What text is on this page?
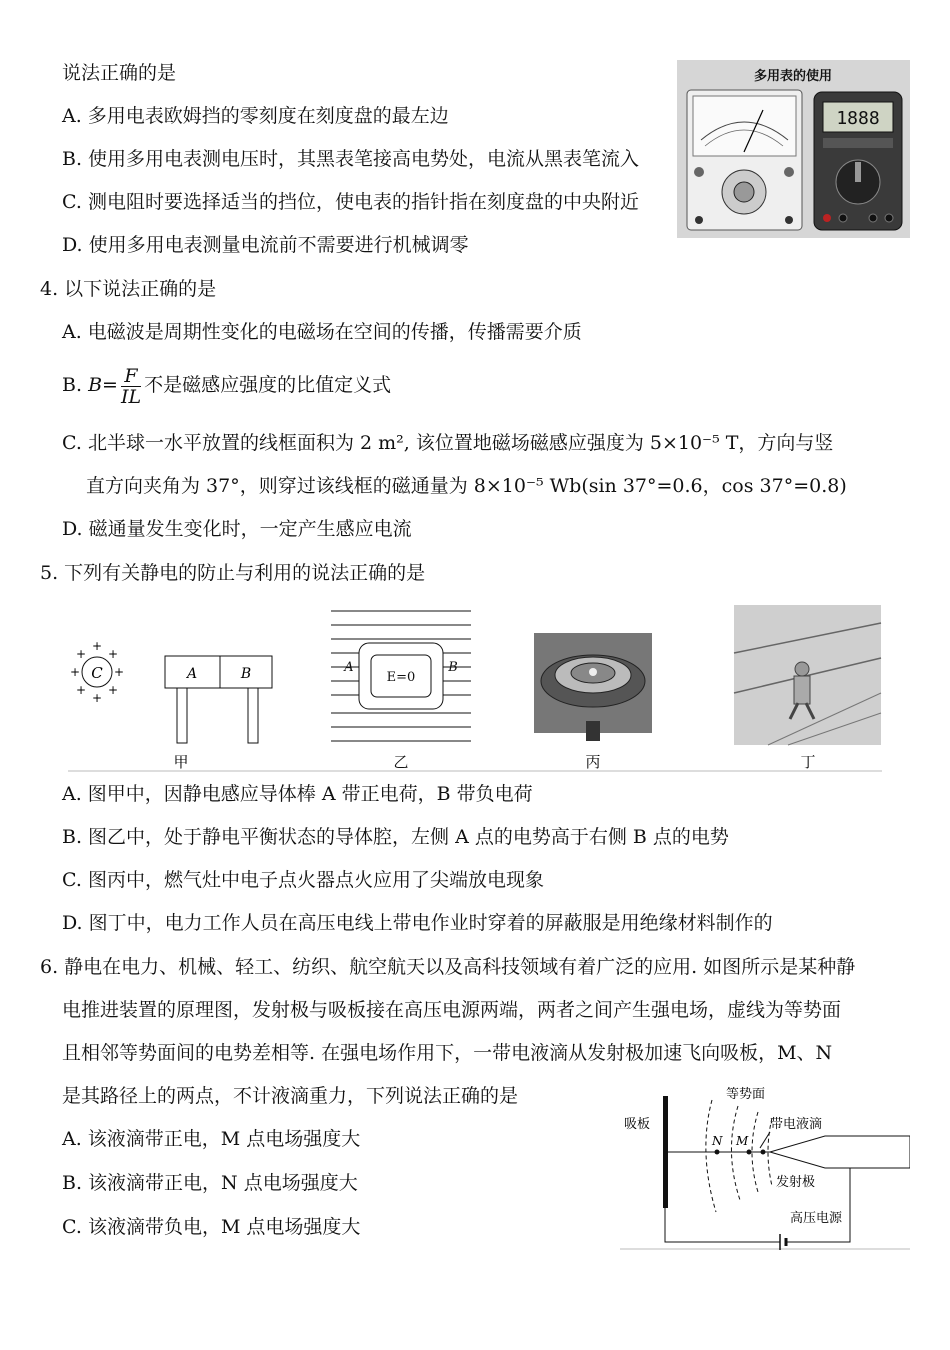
说法正确的是
A. 多用电表欧姆挡的零刻度在刻度盘的最左边
B. 使用多用电表测电压时，其黑表笔接高电势处，电流从黑表笔流入
C. 测电阻时要选择适当的挡位，使电表的指针指在刻度盘的中央附近
D. 使用多用电表测量电流前不需要进行机械调零
多用表的使用
1888
4. 以下说法正确的是
A. 电磁波是周期性变化的电磁场在空间的传播，传播需要介质
B. $B= \frac{F}{IL}$ 不是磁感应强度的比值定义式
C. 北半球一水平放置的线框面积为 2 m², 该位置地磁场磁感应强度为 5×10⁻⁵ T，方向与竖
直方向夹角为 37°，则穿过该线框的磁通量为 8×10⁻⁵ Wb(sin 37°=0.6，cos 37°=0.8)
D. 磁通量发生变化时，一定产生感应电流
5. 下列有关静电的防止与利用的说法正确的是
C
+
+
+	+
+ +
+ +
A	B
甲
A	B
E=0
乙	丙	丁
A. 图甲中，因静电感应导体棒 A 带正电荷，B 带负电荷
B. 图乙中，处于静电平衡状态的导体腔，左侧 A 点的电势高于右侧 B 点的电势
C. 图丙中，燃气灶中电子点火器点火应用了尖端放电现象
D. 图丁中，电力工作人员在高压电线上带电作业时穿着的屏蔽服是用绝缘材料制作的
6. 静电在电力、机械、轻工、纺织、航空航天以及高科技领域有着广泛的应用. 如图所示是某种静
电推进装置的原理图，发射极与吸板接在高压电源两端，两者之间产生强电场，虚线为等势面
且相邻等势面间的电势差相等. 在强电场作用下，一带电液滴从发射极加速飞向吸板，M、N
是其路径上的两点，不计液滴重力，下列说法正确的是
A. 该液滴带正电，M 点电场强度大
B. 该液滴带正电，N 点电场强度大
C. 该液滴带负电，M 点电场强度大
吸板
N M
等势面
带电液滴
发射极
高压电源
